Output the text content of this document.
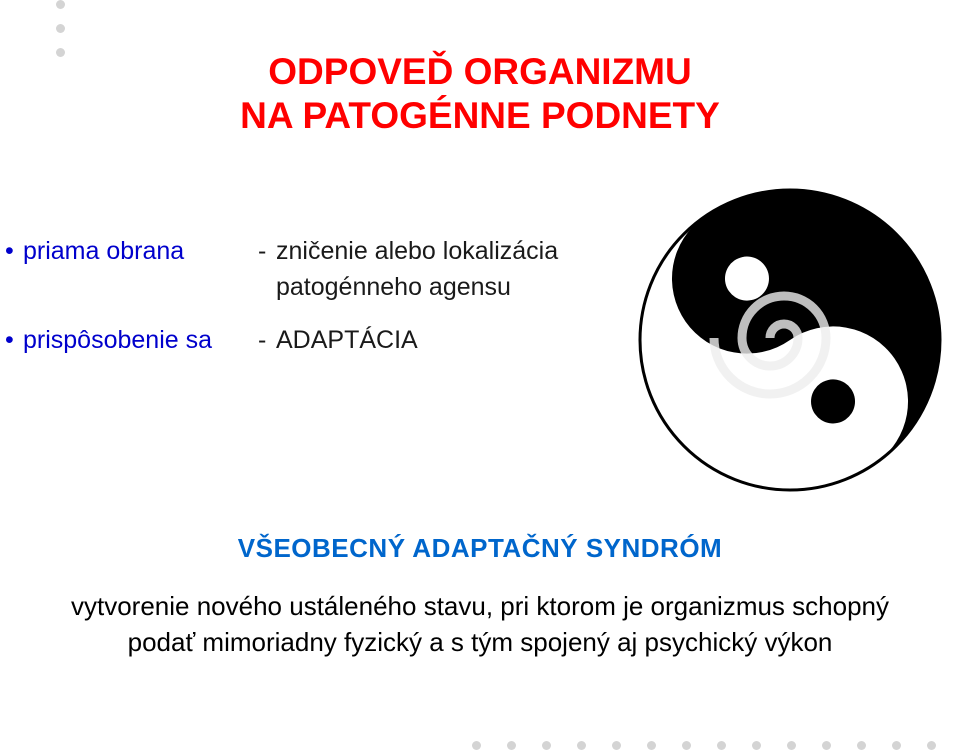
ODPOVEĎ ORGANIZMU
NA PATOGÉNNE PODNETY
• priama obrana	- zničenie alebo lokalizácia
patogénneho agensu
• prispôsobenie sa - ADAPTÁCIA
VŠEOBECNÝ ADAPTAČNÝ SYNDRÓM
vytvorenie nového ustáleného stavu, pri ktorom je organizmus schopný
podať mimoriadny fyzický a s tým spojený aj psychický výkon
